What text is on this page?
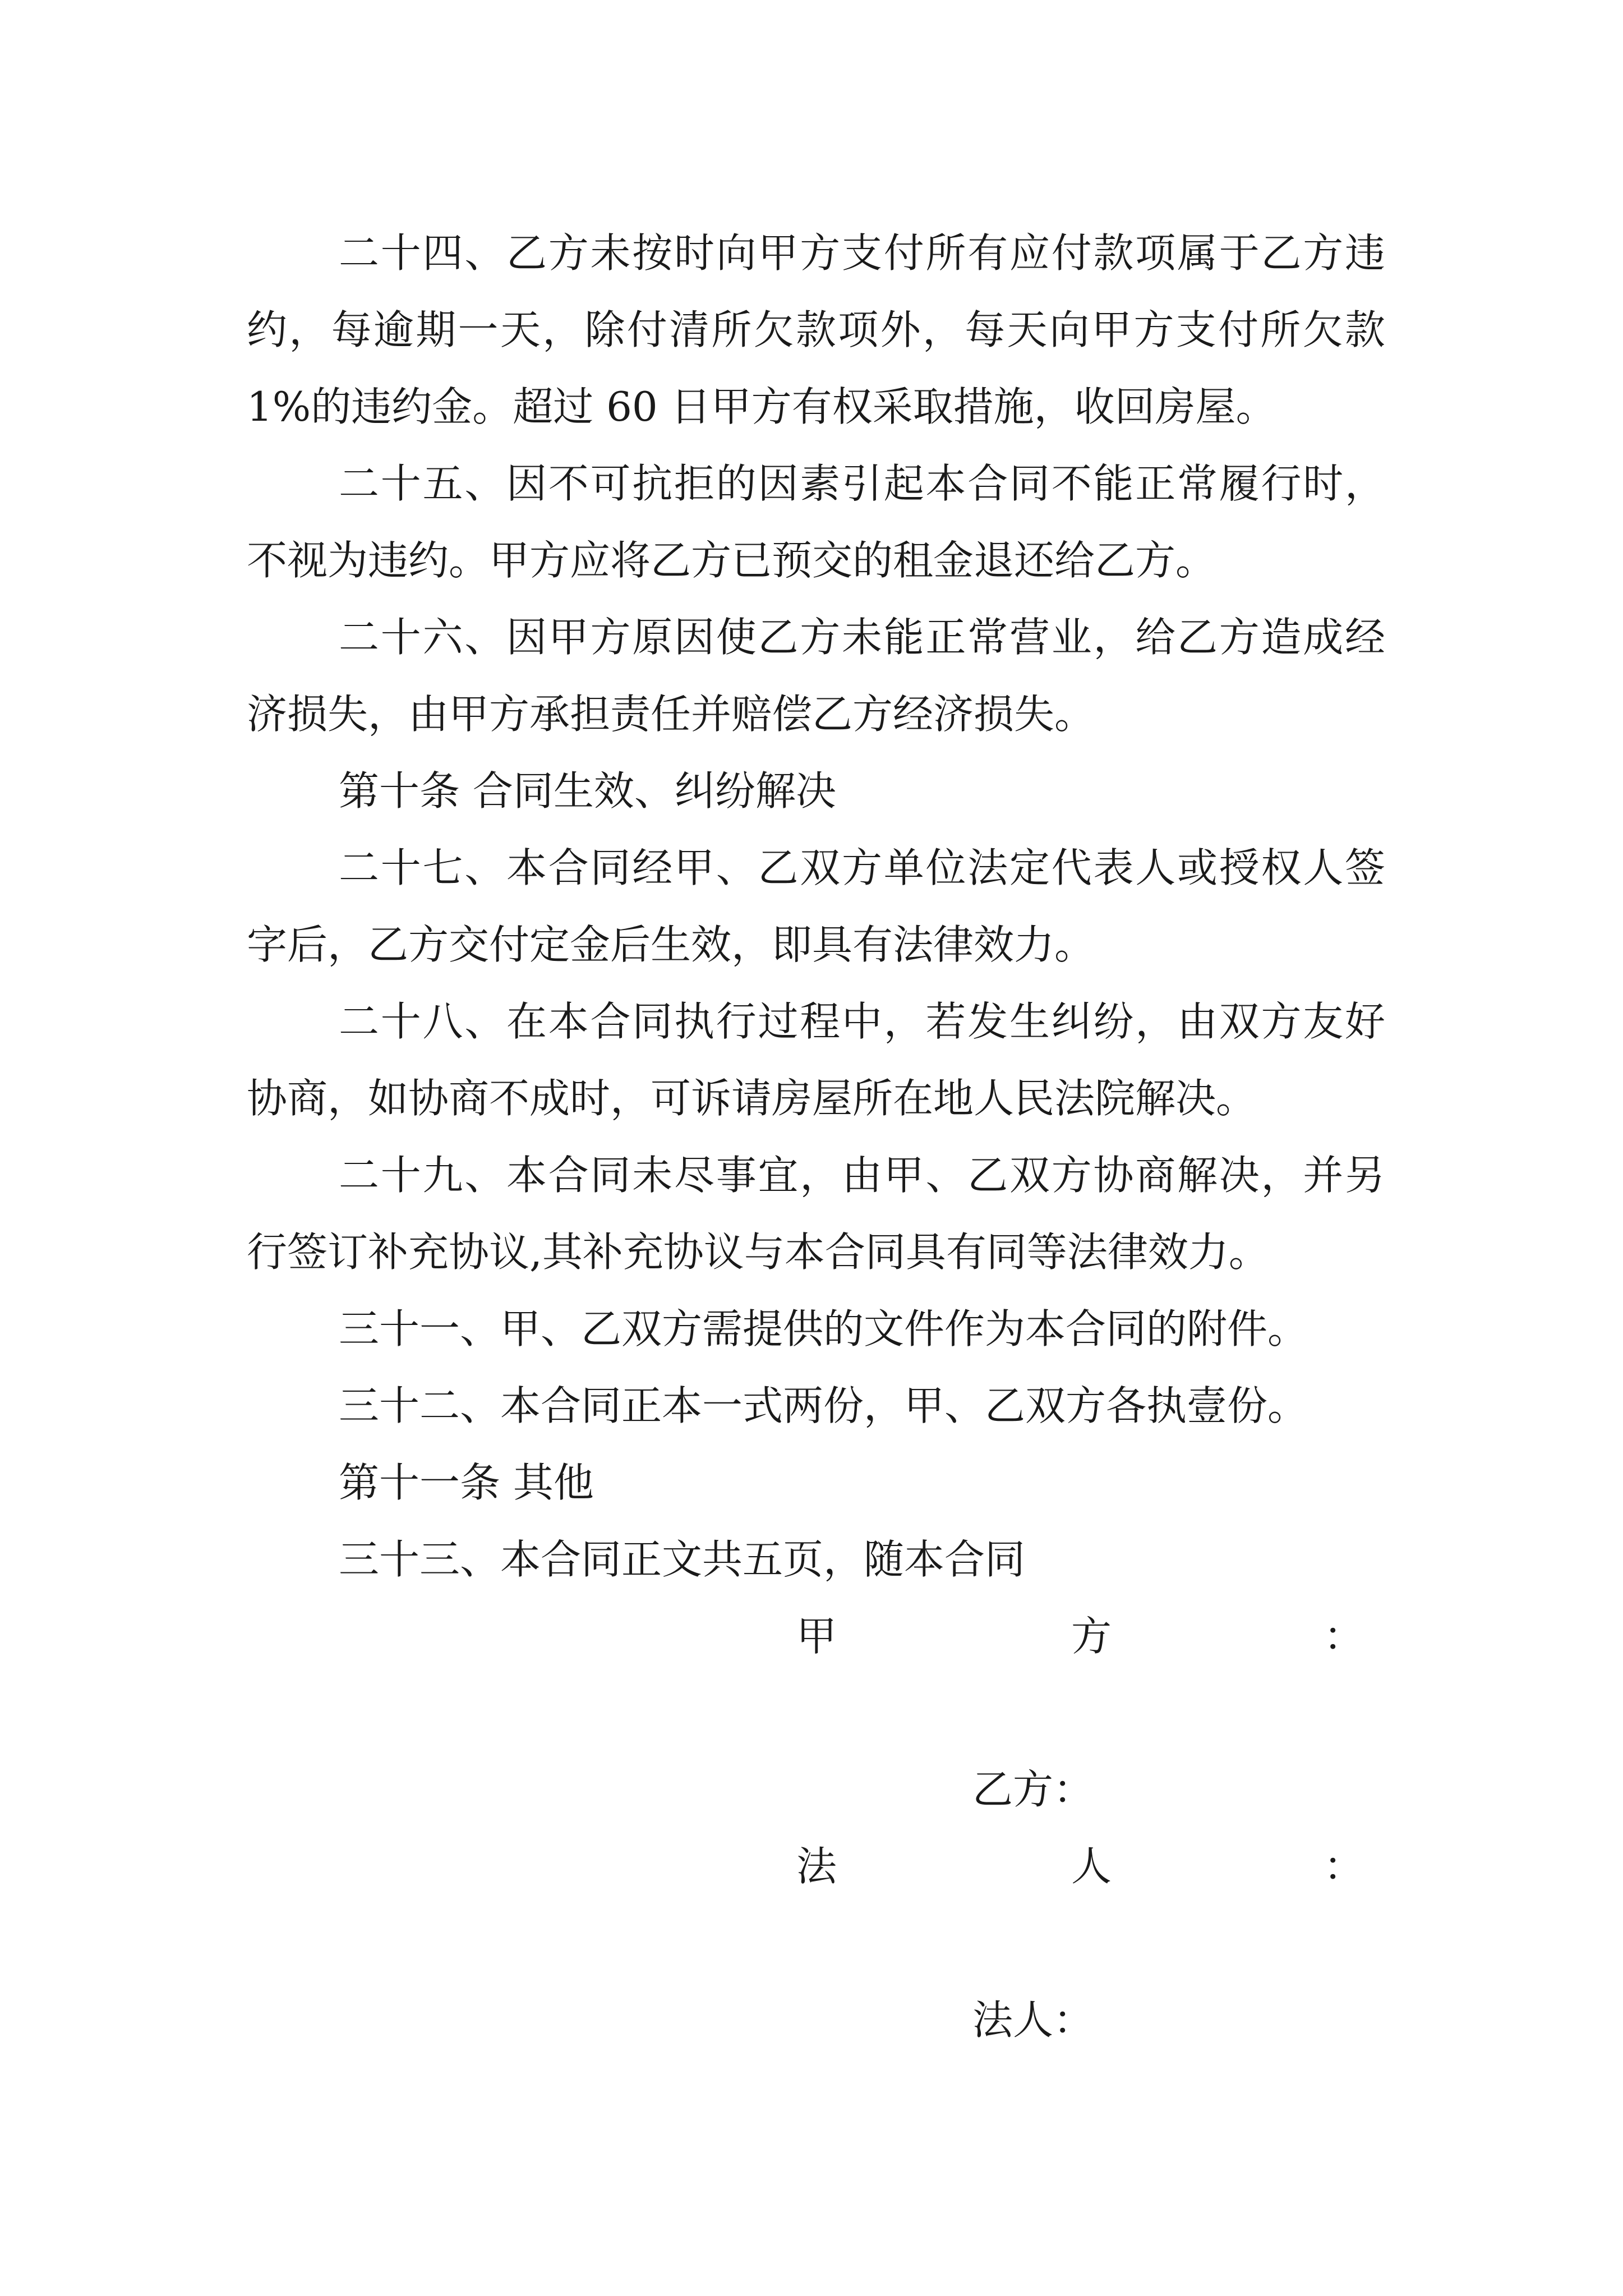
二十四、乙方未按时向甲方支付所有应付款项属于乙方违约，每逾期一天，除付清所欠款项外，每天向甲方支付所欠款 1%的违约金。超过 60 日甲方有权采取措施，收回房屋。

二十五、因不可抗拒的因素引起本合同不能正常履行时，不视为违约。甲方应将乙方已预交的租金退还给乙方。

二十六、因甲方原因使乙方未能正常营业，给乙方造成经济损失，由甲方承担责任并赔偿乙方经济损失。

第十条 合同生效、纠纷解决

二十七、本合同经甲、乙双方单位法定代表人或授权人签字后，乙方交付定金后生效，即具有法律效力。

二十八、在本合同执行过程中，若发生纠纷，由双方友好协商，如协商不成时，可诉请房屋所在地人民法院解决。

二十九、本合同未尽事宜，由甲、乙双方协商解决，并另行签订补充协议,其补充协议与本合同具有同等法律效力。

三十一、甲、乙双方需提供的文件作为本合同的附件。

三十二、本合同正本一式两份，甲、乙双方各执壹份。

第十一条 其他

三十三、本合同正文共五页，随本合同

甲	方	：
乙方：
法	人	：
法人：
